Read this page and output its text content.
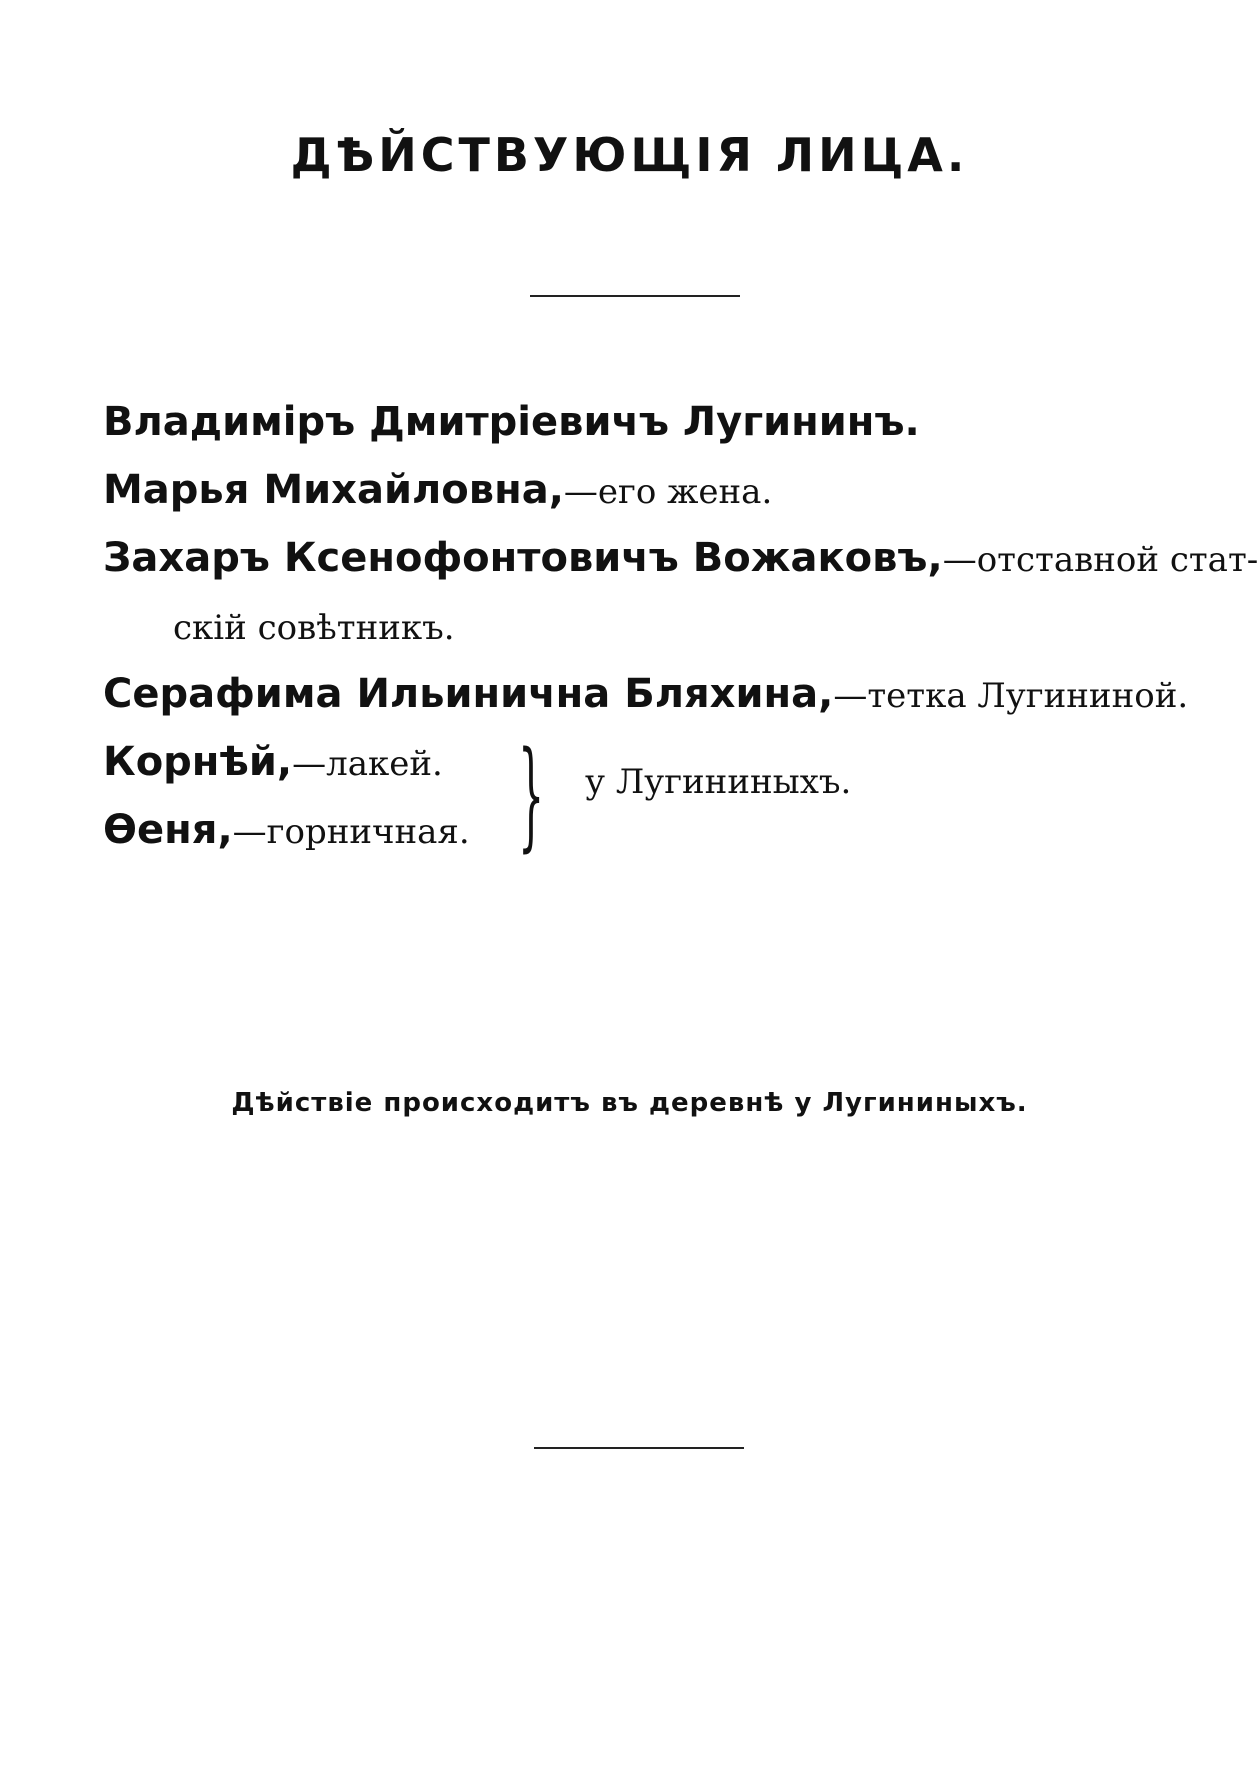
ДѢЙСТВУЮЩІЯ ЛИЦА.
Владиміръ Дмитріевичъ Лугининъ.
Марья Михайловна,—его жена.
Захаръ Ксенофонтовичъ Вожаковъ,—отставной стат-
скій совѣтникъ.
Серафима Ильинична Бляхина,—тетка Лугининой.
Корнѣй,—лакей.
Ѳеня,—горничная. } у Лугининыхъ.
Дѣйствіе происходитъ въ деревнѣ у Лугининыхъ.
